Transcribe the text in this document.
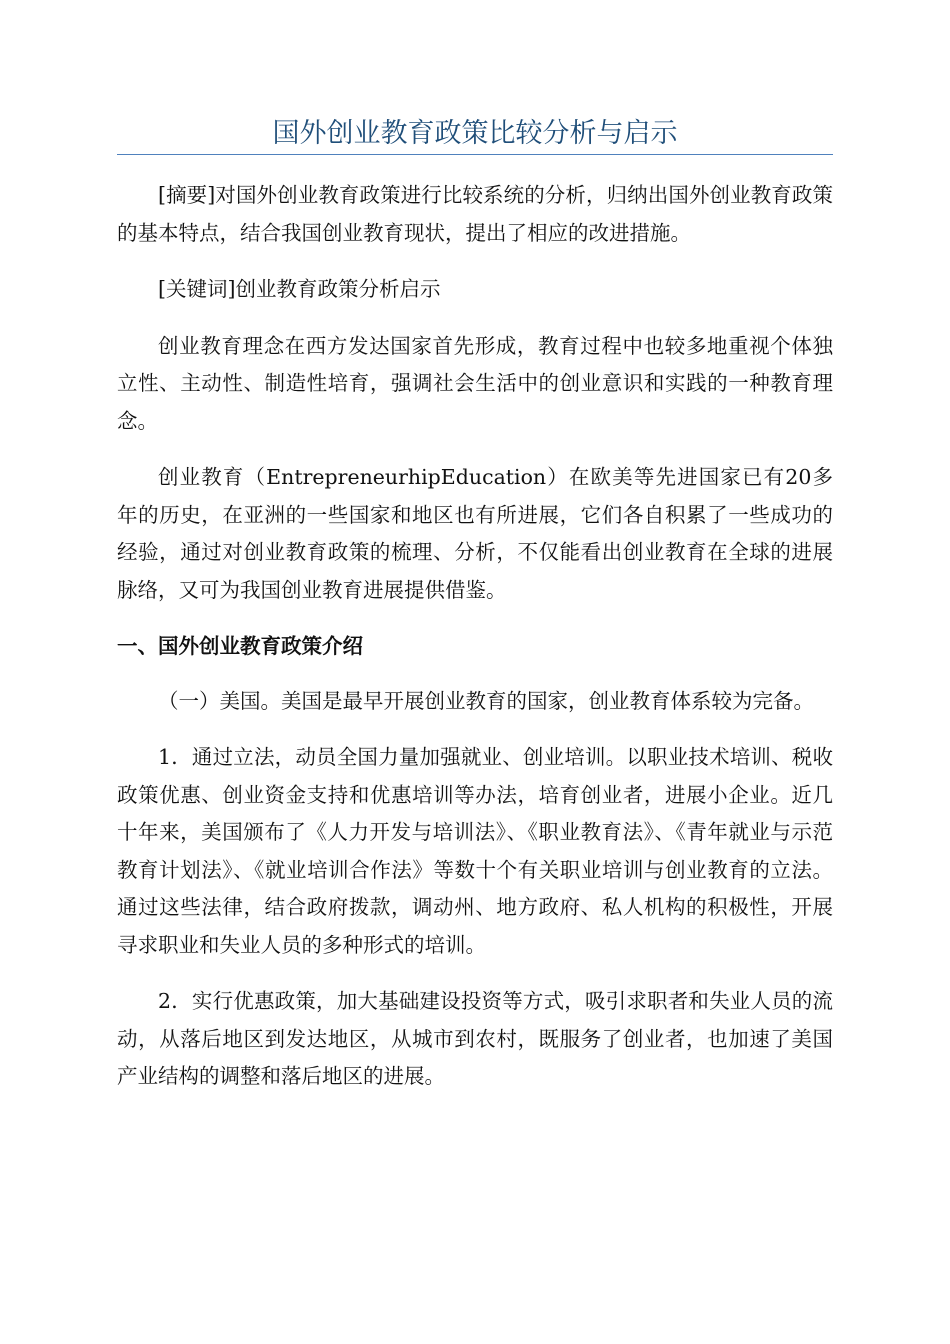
国外创业教育政策比较分析与启示

[摘要]对国外创业教育政策进行比较系统的分析，归纳出国外创业教育政策的基本特点，结合我国创业教育现状，提出了相应的改进措施。

[关键词]创业教育政策分析启示

创业教育理念在西方发达国家首先形成，教育过程中也较多地重视个体独立性、主动性、制造性培育，强调社会生活中的创业意识和实践的一种教育理念。

创业教育（EntrepreneurhipEducation）在欧美等先进国家已有20多年的历史，在亚洲的一些国家和地区也有所进展，它们各自积累了一些成功的经验，通过对创业教育政策的梳理、分析，不仅能看出创业教育在全球的进展脉络，又可为我国创业教育进展提供借鉴。

一、国外创业教育政策介绍

（一）美国。美国是最早开展创业教育的国家，创业教育体系较为完备。

1．通过立法，动员全国力量加强就业、创业培训。以职业技术培训、税收政策优惠、创业资金支持和优惠培训等办法，培育创业者，进展小企业。近几十年来，美国颁布了《人力开发与培训法》、《职业教育法》、《青年就业与示范教育计划法》、《就业培训合作法》等数十个有关职业培训与创业教育的立法。通过这些法律，结合政府拨款，调动州、地方政府、私人机构的积极性，开展寻求职业和失业人员的多种形式的培训。

2．实行优惠政策，加大基础建设投资等方式，吸引求职者和失业人员的流动，从落后地区到发达地区，从城市到农村，既服务了创业者，也加速了美国产业结构的调整和落后地区的进展。
